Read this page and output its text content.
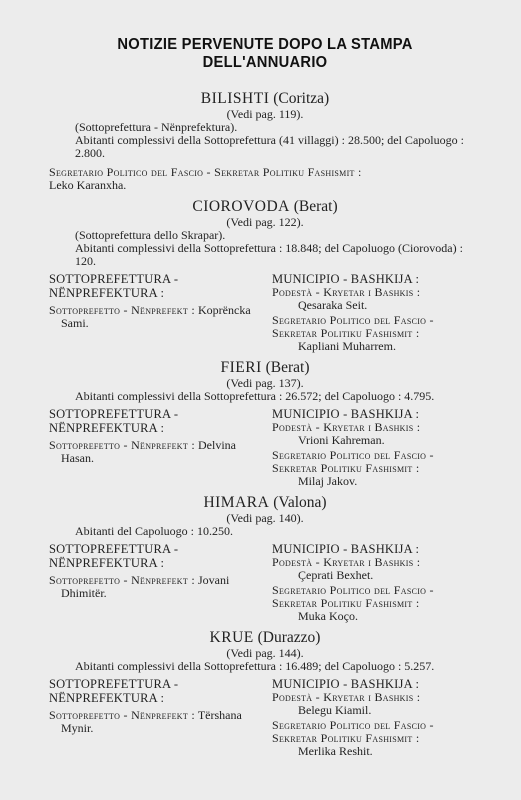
NOTIZIE PERVENUTE DOPO LA STAMPA DELL'ANNUARIO
BILISHTI (Coritza)
(Vedi pag. 119).
(Sottoprefettura - Nënprefektura).
Abitanti complessivi della Sottoprefettura (41 villaggi) : 28.500; del Capoluogo : 2.800.
Segretario Politico del Fascio - Sekretar Politiku Fashismit :
Leko Karanxha.
CIOROVODA (Berat)
(Vedi pag. 122).
(Sottoprefettura dello Skrapar).
Abitanti complessivi della Sottoprefettura : 18.848; del Capoluogo (Ciorovoda) : 120.
SOTTOPREFETTURA - NËNPREFEKTURA :
Sottoprefetto - Nënprefekt : Koprëncka Sami.
MUNICIPIO - BASHKIJA :
Podestà - Kryetar i Bashkis :
Qesaraka Seit.
Segretario Politico del Fascio - Sekretar Politiku Fashismit :
Kapliani Muharrem.
FIERI (Berat)
(Vedi pag. 137).
Abitanti complessivi della Sottoprefettura : 26.572; del Capoluogo : 4.795.
SOTTOPREFETTURA - NËNPREFEKTURA :
Sottoprefetto - Nënprefekt : Delvina Hasan.
MUNICIPIO - BASHKIJA :
Podestà - Kryetar i Bashkis :
Vrioni Kahreman.
Segretario Politico del Fascio - Sekretar Politiku Fashismit :
Milaj Jakov.
HIMARA (Valona)
(Vedi pag. 140).
Abitanti del Capoluogo : 10.250.
SOTTOPREFETTURA - NËNPREFEKTURA :
Sottoprefetto - Nënprefekt : Jovani Dhimitër.
MUNICIPIO - BASHKIJA :
Podestà - Kryetar i Bashkis :
Çeprati Bexhet.
Segretario Politico del Fascio - Sekretar Politiku Fashismit :
Muka Koço.
KRUE (Durazzo)
(Vedi pag. 144).
Abitanti complessivi della Sottoprefettura : 16.489; del Capoluogo : 5.257.
SOTTOPREFETTURA - NËNPREFEKTURA :
Sottoprefetto - Nënprefekt : Tërshana Mynir.
MUNICIPIO - BASHKIJA :
Podestà - Kryetar i Bashkis :
Belegu Kiamil.
Segretario Politico del Fascio - Sekretar Politiku Fashismit :
Merlika Reshit.
